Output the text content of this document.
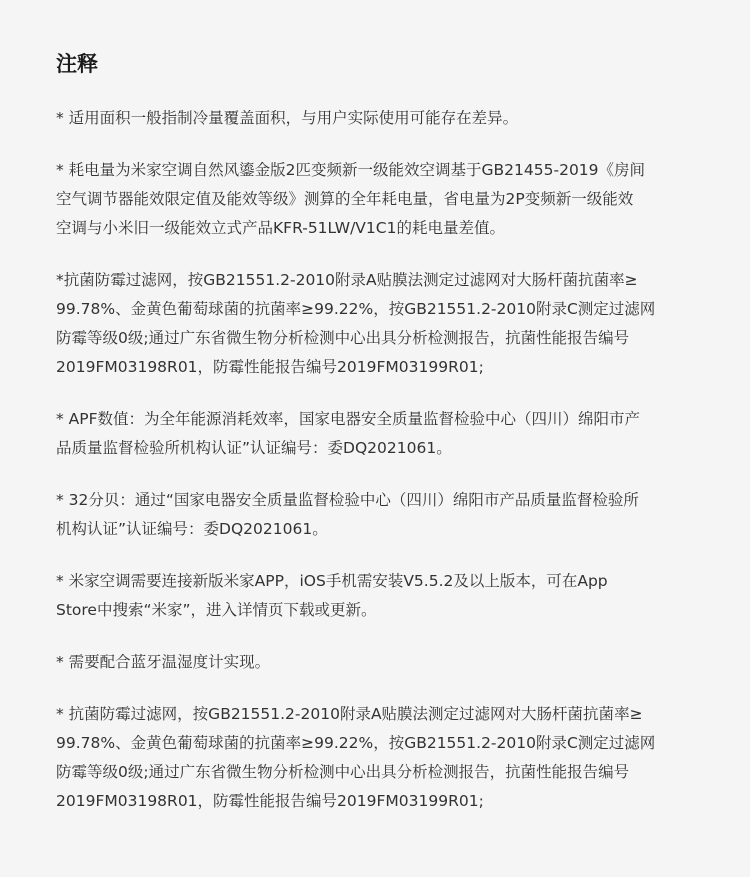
注释

* 适用面积一般指制冷量覆盖面积，与用户实际使用可能存在差异。

* 耗电量为米家空调自然风鎏金版2匹变频新一级能效空调基于GB21455-2019《房间
空气调节器能效限定值及能效等级》测算的全年耗电量，省电量为2P变频新一级能效
空调与小米旧一级能效立式产品KFR-51LW/V1C1的耗电量差值。

*抗菌防霉过滤网，按GB21551.2-2010附录A贴膜法测定过滤网对大肠杆菌抗菌率≥
99.78%、金黄色葡萄球菌的抗菌率≥99.22%，按GB21551.2-2010附录C测定过滤网
防霉等级0级;通过广东省微生物分析检测中心出具分析检测报告，抗菌性能报告编号
2019FM03198R01，防霉性能报告编号2019FM03199R01;

* APF数值：为全年能源消耗效率，国家电器安全质量监督检验中心（四川）绵阳市产
品质量监督检验所机构认证”认证编号：委DQ2021061。

* 32分贝：通过“国家电器安全质量监督检验中心（四川）绵阳市产品质量监督检验所
机构认证”认证编号：委DQ2021061。

* 米家空调需要连接新版米家APP，iOS手机需安装V5.5.2及以上版本，可在App
Store中搜索“米家”，进入详情页下载或更新。

* 需要配合蓝牙温湿度计实现。

* 抗菌防霉过滤网，按GB21551.2-2010附录A贴膜法测定过滤网对大肠杆菌抗菌率≥
99.78%、金黄色葡萄球菌的抗菌率≥99.22%，按GB21551.2-2010附录C测定过滤网
防霉等级0级;通过广东省微生物分析检测中心出具分析检测报告，抗菌性能报告编号
2019FM03198R01，防霉性能报告编号2019FM03199R01;
